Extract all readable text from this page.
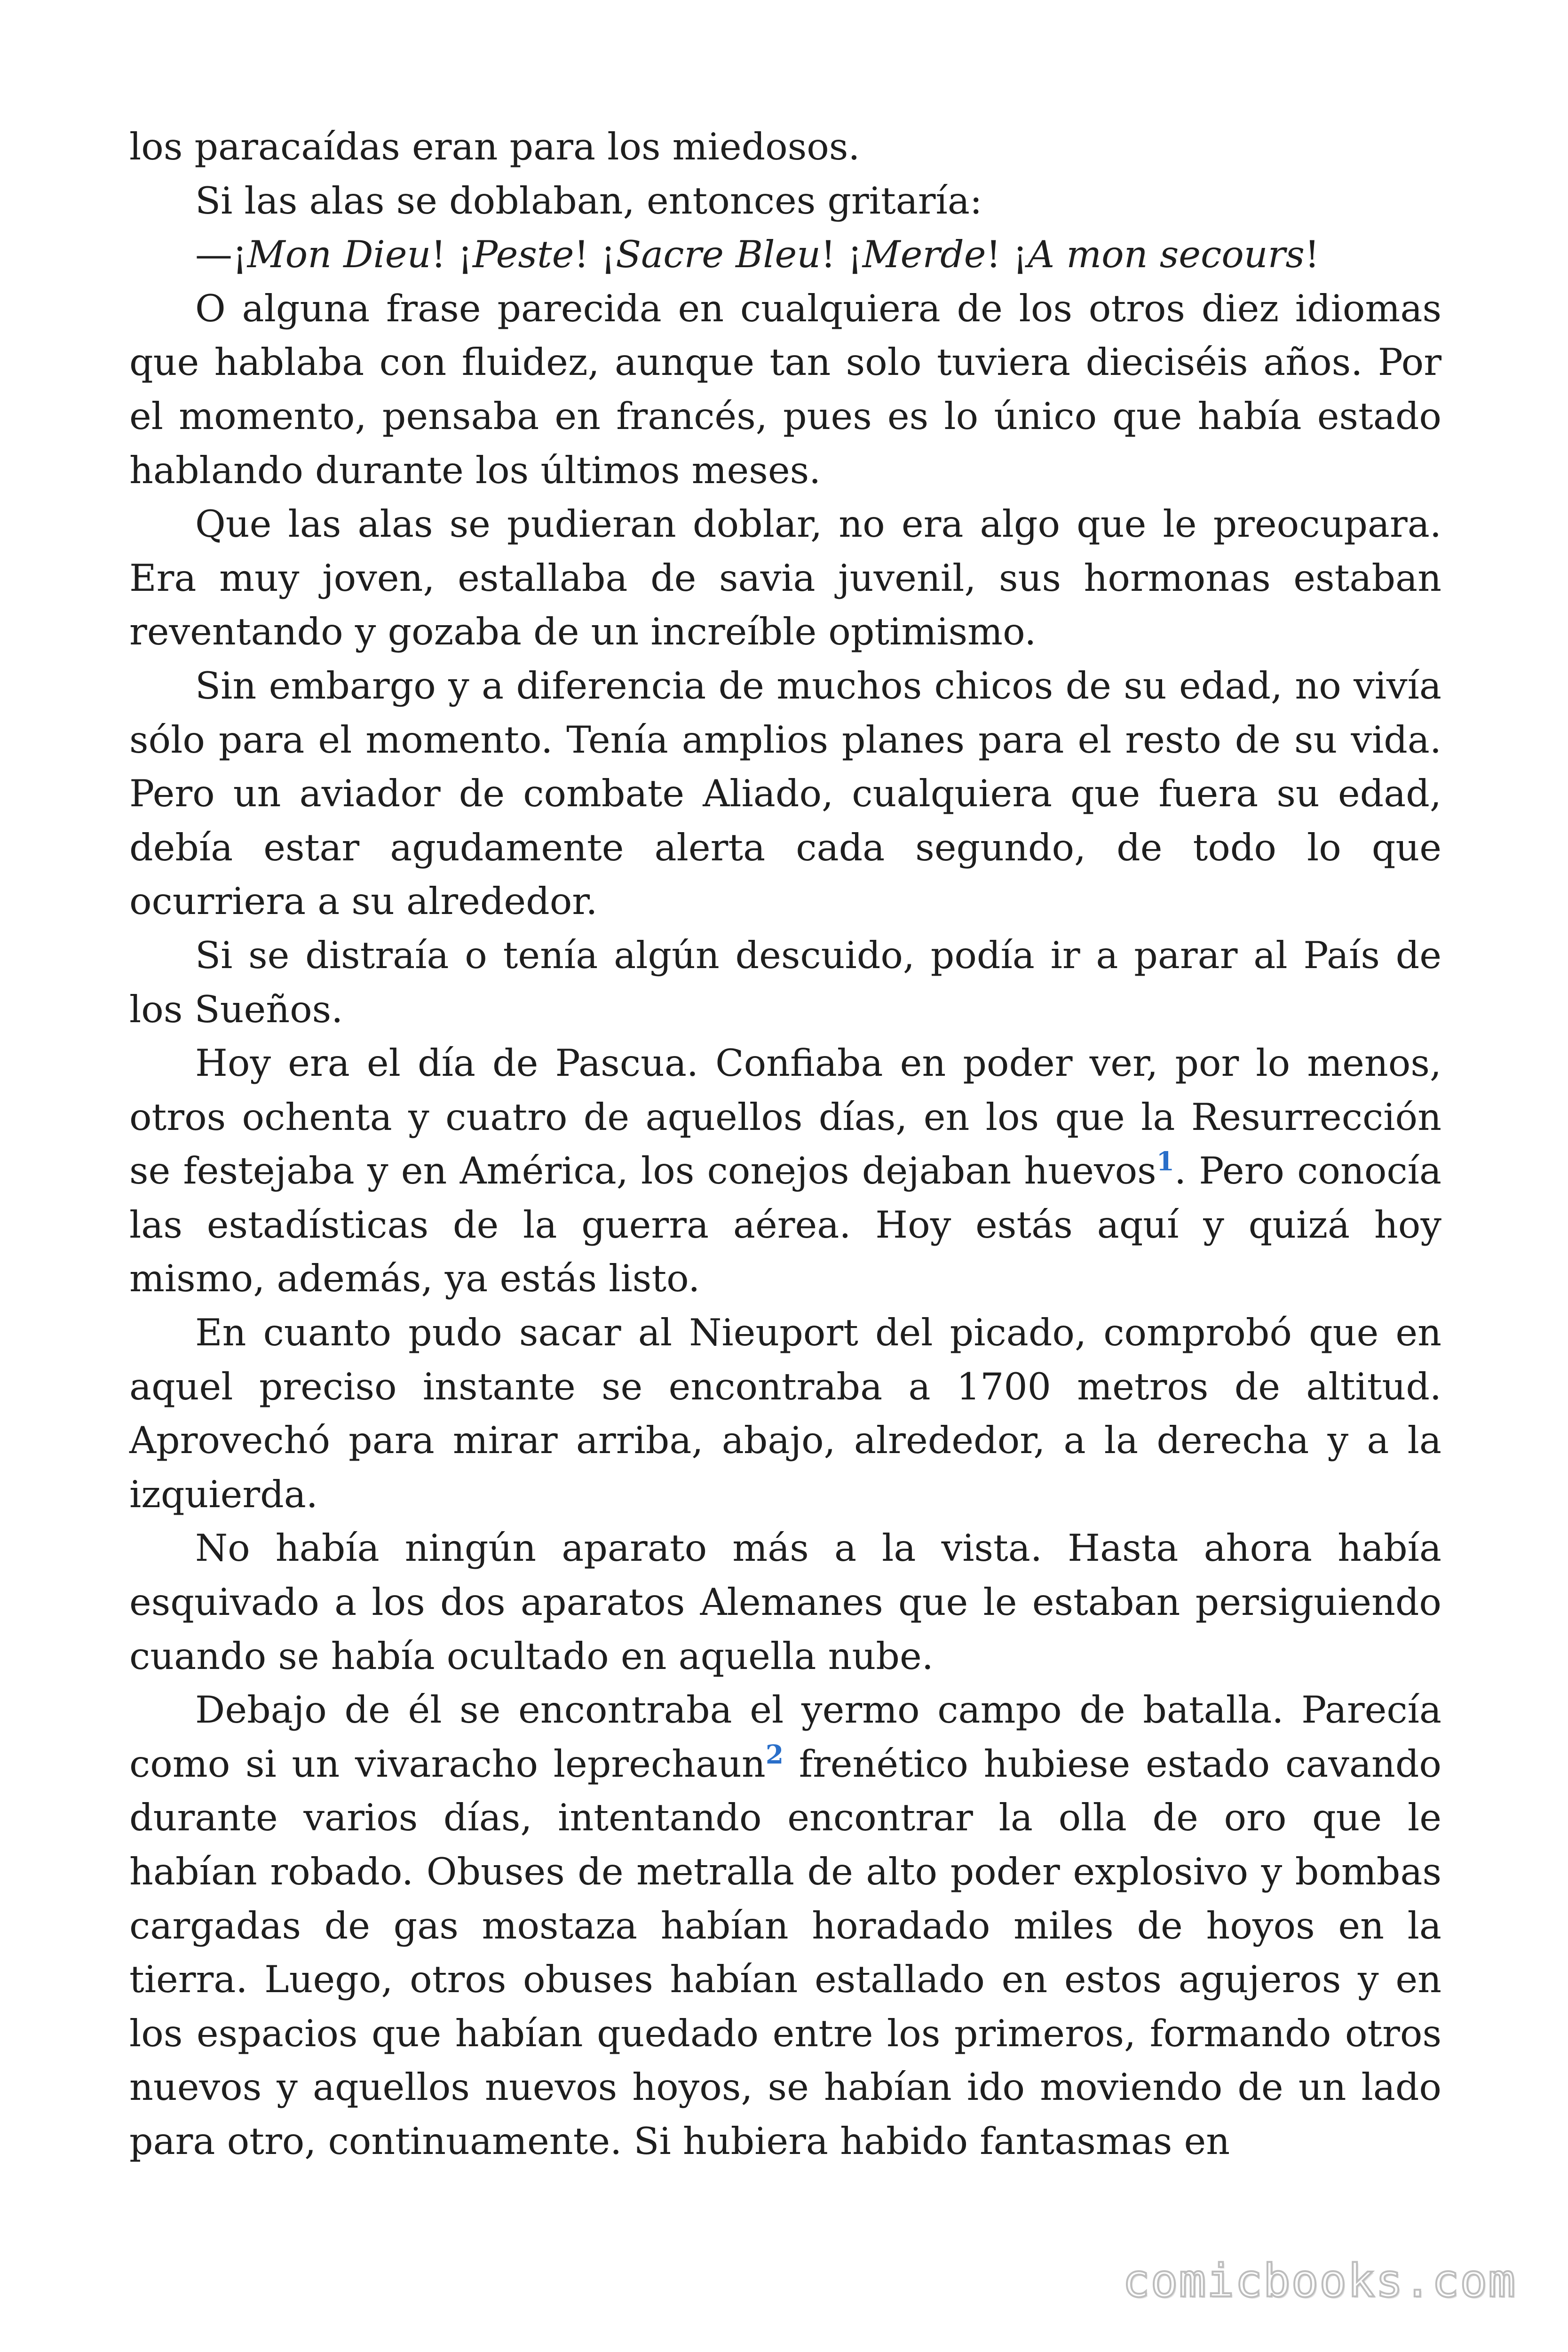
los paracaídas eran para los miedosos.

Si las alas se doblaban, entonces gritaría:

—¡Mon Dieu! ¡Peste! ¡Sacre Bleu! ¡Merde! ¡A mon secours!

O alguna frase parecida en cualquiera de los otros diez idiomas que hablaba con fluidez, aunque tan solo tuviera dieciséis años. Por el momento, pensaba en francés, pues es lo único que había estado hablando durante los últimos meses.

Que las alas se pudieran doblar, no era algo que le preocupara. Era muy joven, estallaba de savia juvenil, sus hormonas estaban reventando y gozaba de un increíble optimismo.

Sin embargo y a diferencia de muchos chicos de su edad, no vivía sólo para el momento. Tenía amplios planes para el resto de su vida. Pero un aviador de combate Aliado, cualquiera que fuera su edad, debía estar agudamente alerta cada segundo, de todo lo que ocurriera a su alrededor.

Si se distraía o tenía algún descuido, podía ir a parar al País de los Sueños.

Hoy era el día de Pascua. Confiaba en poder ver, por lo menos, otros ochenta y cuatro de aquellos días, en los que la Resurrección se festejaba y en América, los conejos dejaban huevos$^1$. Pero conocía las estadísticas de la guerra aérea. Hoy estás aquí y quizá hoy mismo, además, ya estás listo.

En cuanto pudo sacar al Nieuport del picado, comprobó que en aquel preciso instante se encontraba a 1700 metros de altitud. Aprovechó para mirar arriba, abajo, alrededor, a la derecha y a la izquierda.

No había ningún aparato más a la vista. Hasta ahora había esquivado a los dos aparatos Alemanes que le estaban persiguiendo cuando se había ocultado en aquella nube.

Debajo de él se encontraba el yermo campo de batalla. Parecía como si un vivaracho leprechaun$^2$ frenético hubiese estado cavando durante varios días, intentando encontrar la olla de oro que le habían robado. Obuses de metralla de alto poder explosivo y bombas cargadas de gas mostaza habían horadado miles de hoyos en la tierra. Luego, otros obuses habían estallado en estos agujeros y en los espacios que habían quedado entre los primeros, formando otros nuevos y aquellos nuevos hoyos, se habían ido moviendo de un lado para otro, continuamente. Si hubiera habido fantasmas en

comicbooks.com
